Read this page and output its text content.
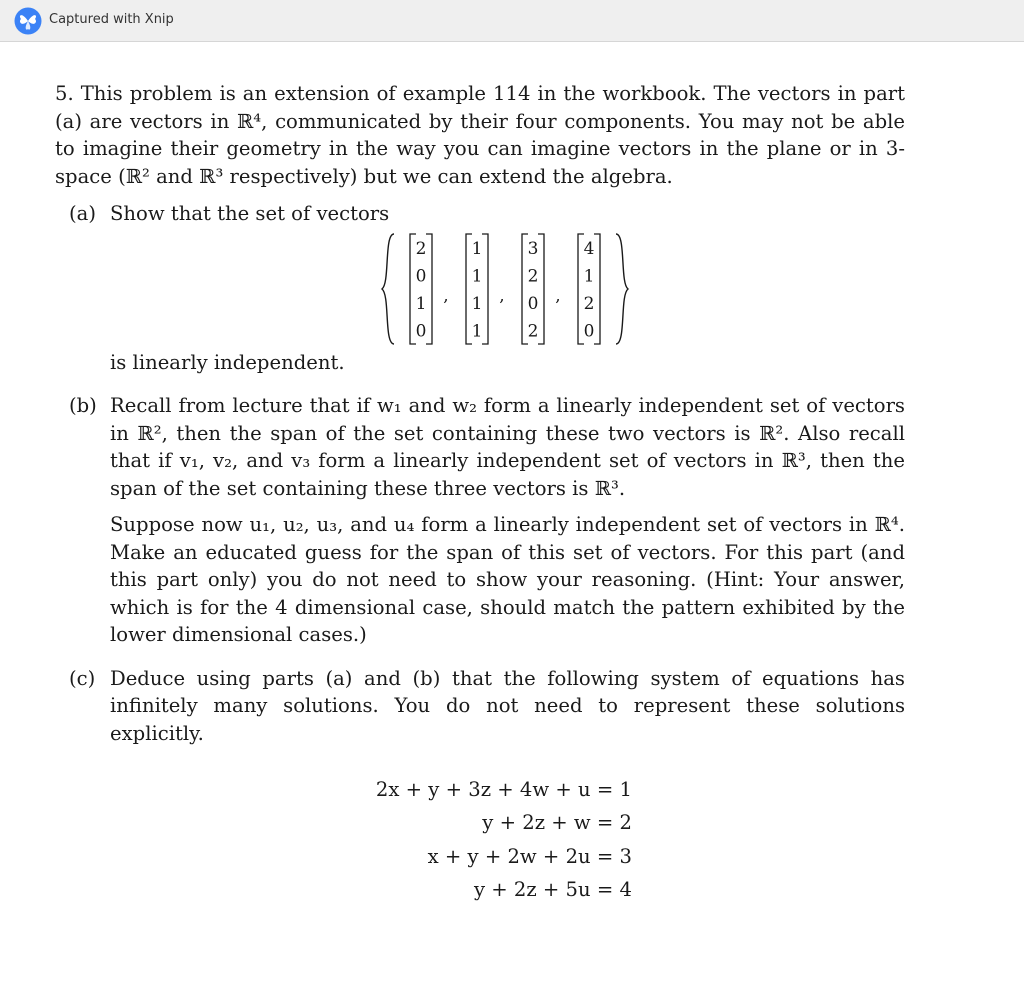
Captured with Xnip

5. This problem is an extension of example 114 in the workbook. The vectors in part (a) are vectors in ℝ⁴, communicated by their four components. You may not be able to imagine their geometry in the way you can imagine vectors in the plane or in 3-space (ℝ² and ℝ³ respectively) but we can extend the algebra.

(a) Show that the set of vectors
2
0
1
0
,
1
1
1
1
,
3
2
0
2
,
4
1
2
0
is linearly independent.
(b) Recall from lecture that if w₁ and w₂ form a linearly independent set of vectors in ℝ², then the span of the set containing these two vectors is ℝ². Also recall that if v₁, v₂, and v₃ form a linearly independent set of vectors in ℝ³, then the span of the set containing these three vectors is ℝ³.

Suppose now u₁, u₂, u₃, and u₄ form a linearly independent set of vectors in ℝ⁴. Make an educated guess for the span of this set of vectors. For this part (and this part only) you do not need to show your reasoning. (Hint: Your answer, which is for the 4 dimensional case, should match the pattern exhibited by the lower dimensional cases.)

(c) Deduce using parts (a) and (b) that the following system of equations has infinitely many solutions. You do not need to represent these solutions explicitly.

2x + y + 3z + 4w + u = 1
y + 2z + w = 2
x + y + 2w + 2u = 3
y + 2z + 5u = 4
